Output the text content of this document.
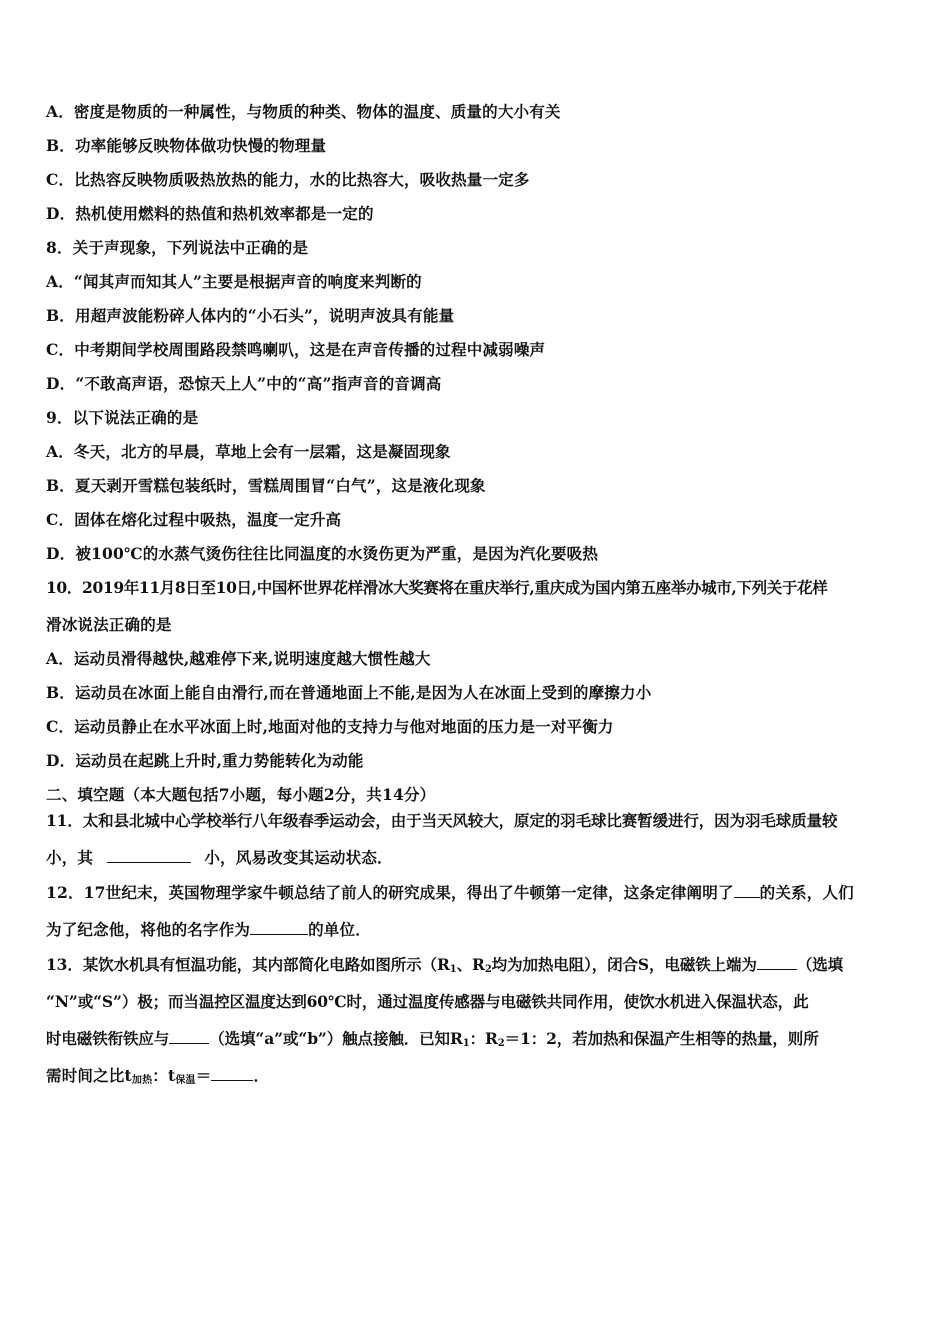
A．密度是物质的一种属性，与物质的种类、物体的温度、质量的大小有关
B．功率能够反映物体做功快慢的物理量
C．比热容反映物质吸热放热的能力，水的比热容大，吸收热量一定多
D．热机使用燃料的热值和热机效率都是一定的
8．关于声现象，下列说法中正确的是
A．“闻其声而知其人”主要是根据声音的响度来判断的
B．用超声波能粉碎人体内的“小石头”，说明声波具有能量
C．中考期间学校周围路段禁鸣喇叭，这是在声音传播的过程中减弱噪声
D．“不敢高声语，恐惊天上人”中的“高”指声音的音调高
9．以下说法正确的是
A．冬天，北方的早晨，草地上会有一层霜，这是凝固现象
B．夏天剥开雪糕包装纸时，雪糕周围冒“白气”，这是液化现象
C．固体在熔化过程中吸热，温度一定升高
D．被100℃的水蒸气烫伤往往比同温度的水烫伤更为严重，是因为汽化要吸热
10．2019年11月8日至10日,中国杯世界花样滑冰大奖赛将在重庆举行,重庆成为国内第五座举办城市,下列关于花样
滑冰说法正确的是
A．运动员滑得越快,越难停下来,说明速度越大惯性越大
B．运动员在冰面上能自由滑行,而在普通地面上不能,是因为人在冰面上受到的摩擦力小
C．运动员静止在水平冰面上时,地面对他的支持力与他对地面的压力是一对平衡力
D．运动员在起跳上升时,重力势能转化为动能
二、填空题（本大题包括7小题，每小题2分，共14分）
11．太和县北城中心学校举行八年级春季运动会，由于当天风较大，原定的羽毛球比赛暂缓进行，因为羽毛球质量较
小，其	小，风易改变其运动状态．
12．17世纪末，英国物理学家牛顿总结了前人的研究成果，得出了牛顿第一定律，这条定律阐明了 的关系，人们
为了纪念他，将他的名字作为	的单位．
13．某饮水机具有恒温功能，其内部简化电路如图所示（$R_1$、$R_2$均为加热电阻），闭合S，电磁铁上端为	（选填
“N”或“S”）极；而当温控区温度达到60℃时，通过温度传感器与电磁铁共同作用，使饮水机进入保温状态，此
时电磁铁衔铁应与	（选填“a”或“b”）触点接触．已知$R_1$：$R_2=1$：2，若加热和保温产生相等的热量，则所
需时间之比$t_{加热}$：$t_{保温}=$	．
